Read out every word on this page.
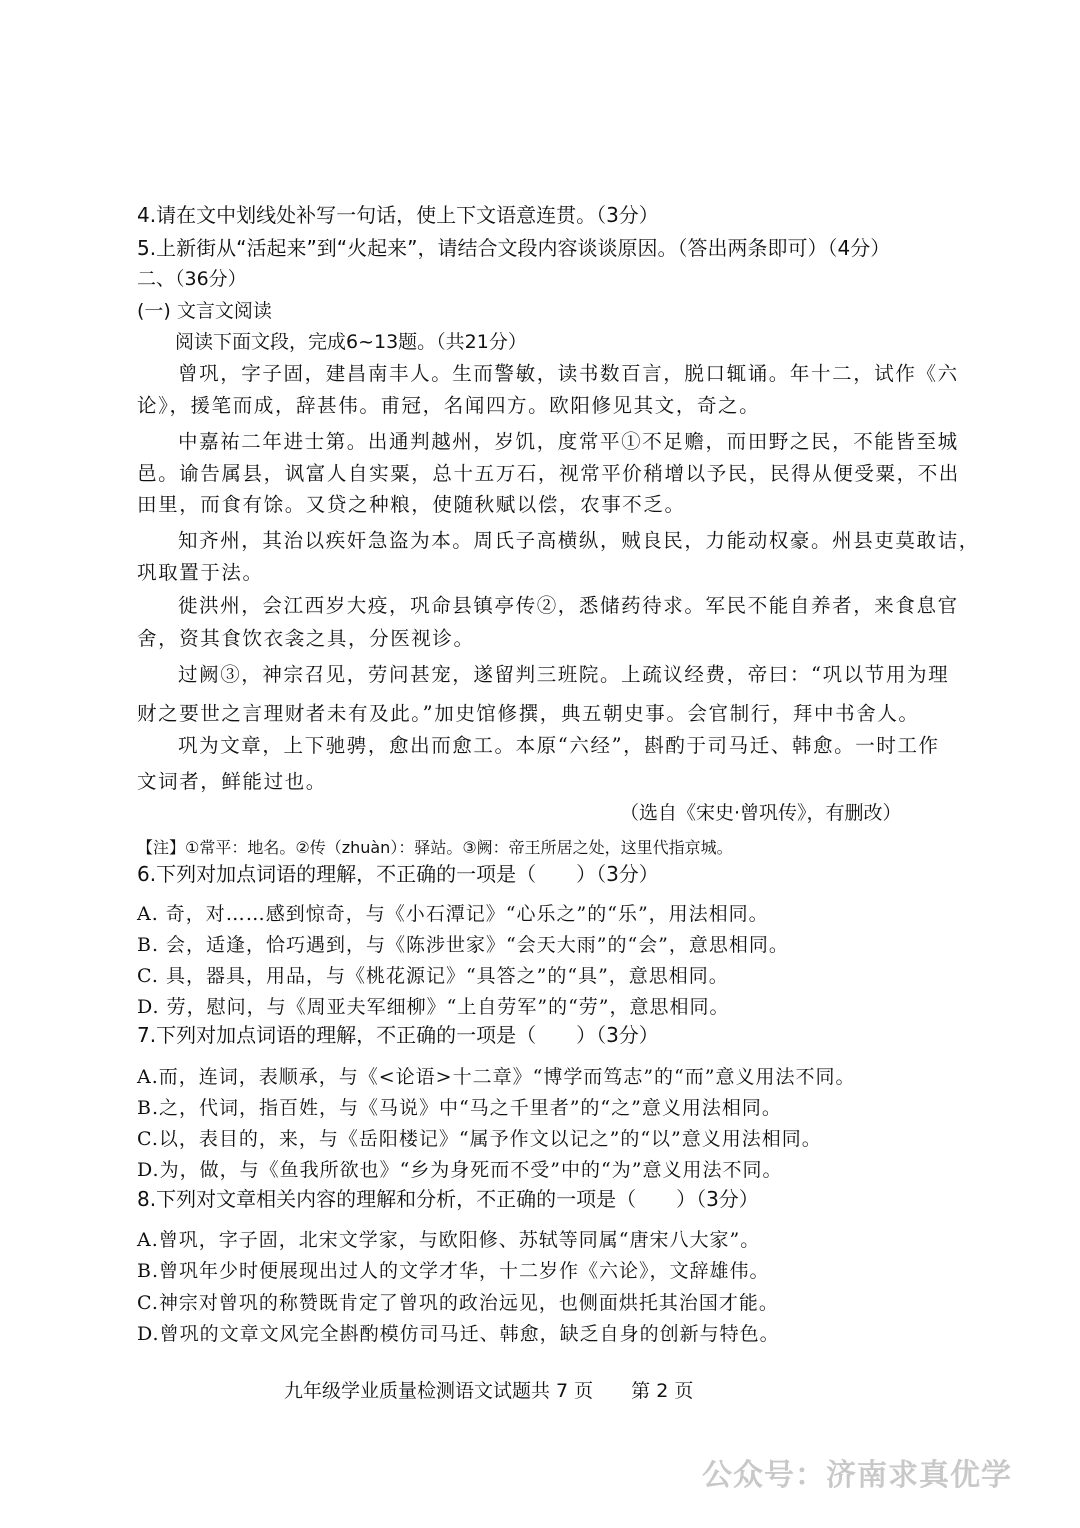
4.请在文中划线处补写一句话，使上下文语意连贯。（3分）
5.上新街从“活起来”到“火起来”，请结合文段内容谈谈原因。（答出两条即可）（4分）
二、（36分）
(一) 文言文阅读
阅读下面文段，完成6~13题。（共21分）
曾巩，字子固，建昌南丰人。生而警敏，读书数百言，脱口辄诵。年十二，试作《六
论》，援笔而成，辞甚伟。甫冠，名闻四方。欧阳修见其文，奇之。
中嘉祐二年进士第。出通判越州，岁饥，度常平①不足赡，而田野之民，不能皆至城
邑。谕告属县，讽富人自实粟，总十五万石，视常平价稍增以予民，民得从便受粟，不出
田里，而食有馀。又贷之种粮，使随秋赋以偿，农事不乏。
知齐州，其治以疾奸急盗为本。周氏子高横纵，贼良民，力能动权豪。州县吏莫敢诘，
巩取置于法。
徙洪州，会江西岁大疫，巩命县镇亭传②，悉储药待求。军民不能自养者，来食息官
舍，资其食饮衣衾之具，分医视诊。
过阙③，神宗召见，劳问甚宠，遂留判三班院。上疏议经费，帝曰：“巩以节用为理
财之要世之言理财者未有及此。”加史馆修撰，典五朝史事。会官制行，拜中书舍人。
巩为文章，上下驰骋，愈出而愈工。本原“六经”，斟酌于司马迁、韩愈。一时工作
文词者，鲜能过也。
（选自《宋史·曾巩传》，有删改）
【注】①常平：地名。②传（zhuàn）：驿站。③阙：帝王所居之处，这里代指京城。
6.下列对加点词语的理解，不正确的一项是（　　）（3分）
A. 奇，对……感到惊奇，与《小石潭记》“心乐之”的“乐”，用法相同。
B. 会，适逢，恰巧遇到，与《陈涉世家》“会天大雨”的“会”，意思相同。
C. 具，器具，用品，与《桃花源记》“具答之”的“具”，意思相同。
D. 劳，慰问，与《周亚夫军细柳》“上自劳军”的“劳”，意思相同。
7.下列对加点词语的理解，不正确的一项是（　　）（3分）
A.而，连词，表顺承，与《<论语>十二章》“博学而笃志”的“而”意义用法不同。
B.之，代词，指百姓，与《马说》中“马之千里者”的“之”意义用法相同。
C.以，表目的，来，与《岳阳楼记》“属予作文以记之”的“以”意义用法相同。
D.为，做，与《鱼我所欲也》“乡为身死而不受”中的“为”意义用法不同。
8.下列对文章相关内容的理解和分析，不正确的一项是（　　）（3分）
A.曾巩，字子固，北宋文学家，与欧阳修、苏轼等同属“唐宋八大家”。
B.曾巩年少时便展现出过人的文学才华，十二岁作《六论》，文辞雄伟。
C.神宗对曾巩的称赞既肯定了曾巩的政治远见，也侧面烘托其治国才能。
D.曾巩的文章文风完全斟酌模仿司马迁、韩愈，缺乏自身的创新与特色。
九年级学业质量检测语文试题共 7 页　　第 2 页
公众号：济南求真优学
